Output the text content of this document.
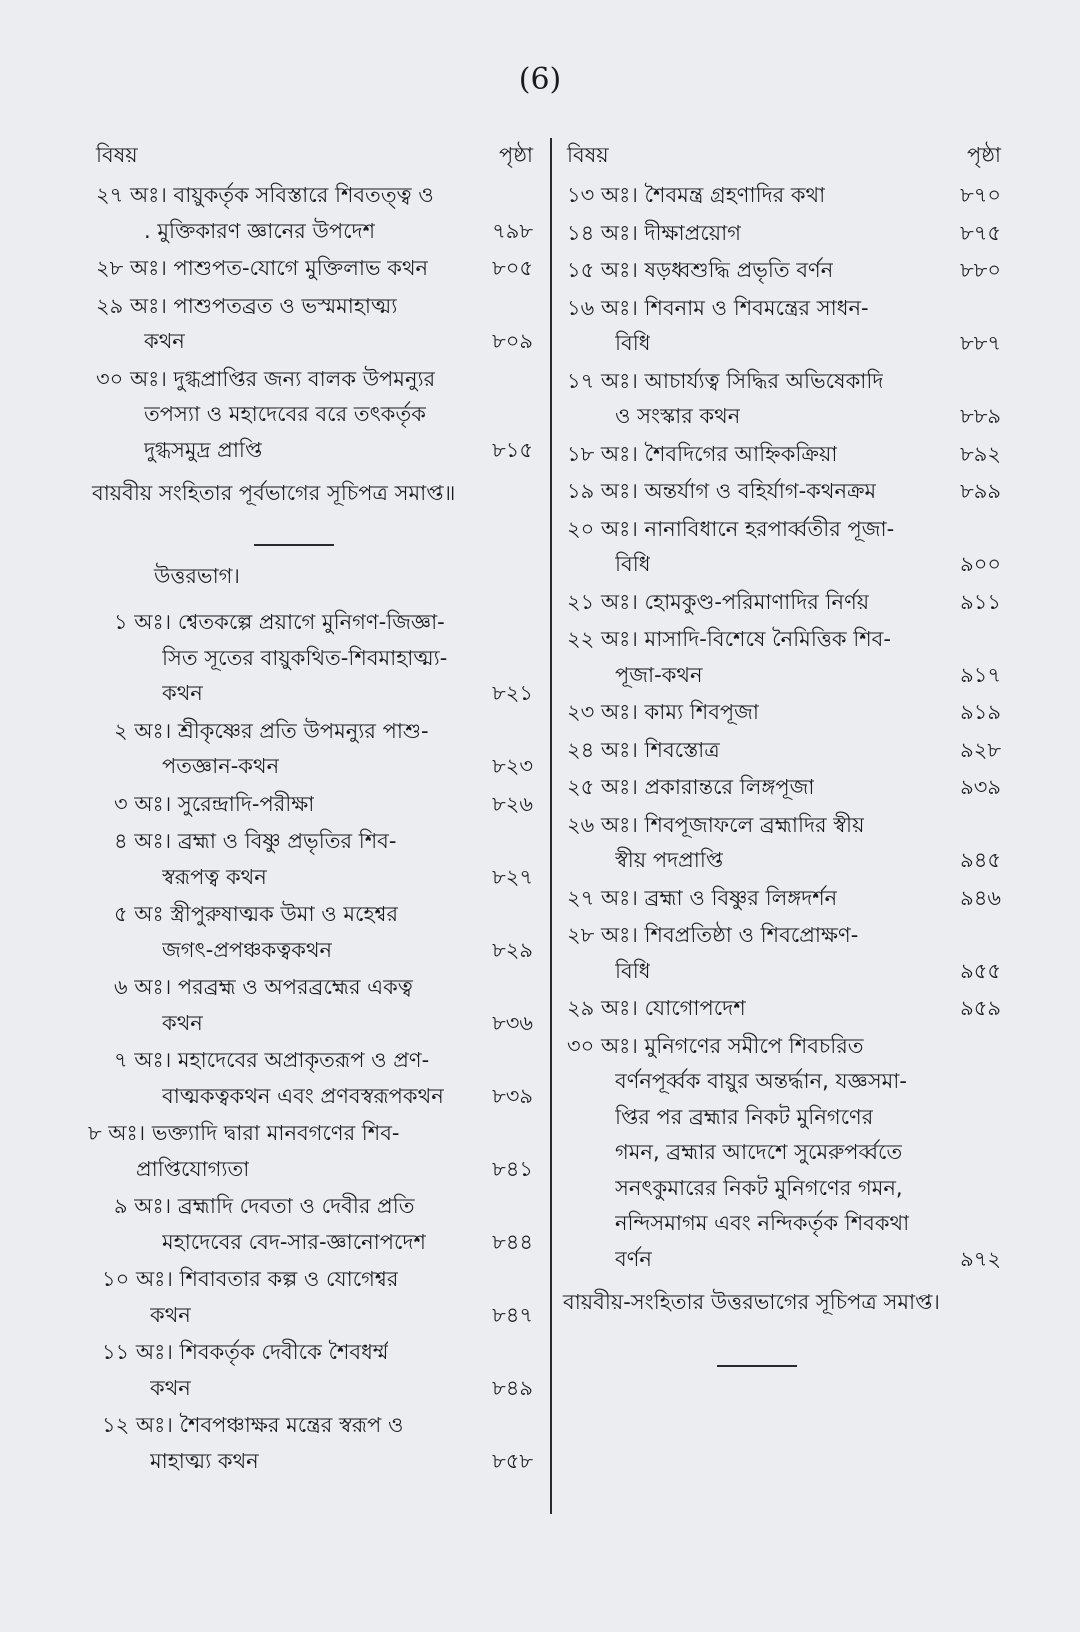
(6)
বিষয়	পৃষ্ঠা
২৭ অঃ। বায়ুকর্তৃক সবিস্তারে শিবতত্ত্ব ও
. মুক্তিকারণ জ্ঞানের উপদেশ	৭৯৮
২৮ অঃ। পাশুপত-যোগে মুক্তিলাভ কথন	৮০৫
২৯ অঃ। পাশুপতব্রত ও ভস্মমাহাত্ম্য
কথন	৮০৯
৩০ অঃ। দুগ্ধপ্রাপ্তির জন্য বালক উপমন্যুর
তপস্যা ও মহাদেবের বরে তৎকর্তৃক
দুগ্ধসমুদ্র প্রাপ্তি	৮১৫
বায়বীয় সংহিতার পূর্বভাগের সূচিপত্র সমাপ্ত॥
উত্তরভাগ।
১ অঃ। শ্বেতকল্পে প্রয়াগে মুনিগণ-জিজ্ঞা-
সিত সূতের বায়ুকথিত-শিবমাহাত্ম্য-
কথন	৮২১
২ অঃ। শ্রীকৃষ্ণের প্রতি উপমন্যুর পাশু-
পতজ্ঞান-কথন	৮২৩
৩ অঃ। সুরেন্দ্রাদি-পরীক্ষা	৮২৬
৪ অঃ। ব্রহ্মা ও বিষ্ণু প্রভৃতির শিব-
স্বরূপত্ব কথন	৮২৭
৫ অঃ স্ত্রীপুরুষাত্মক উমা ও মহেশ্বর
জগৎ-প্রপঞ্চকত্বকথন	৮২৯
৬ অঃ। পরব্রহ্ম ও অপরব্রহ্মের একত্ব
কথন	৮৩৬
৭ অঃ। মহাদেবের অপ্রাকৃতরূপ ও প্রণ-
বাত্মকত্বকথন এবং প্রণবস্বরূপকথন	৮৩৯
৮ অঃ। ভক্ত্যাদি দ্বারা মানবগণের শিব-
প্রাপ্তিযোগ্যতা	৮৪১
৯ অঃ। ব্রহ্মাদি দেবতা ও দেবীর প্রতি
মহাদেবের বেদ-সার-জ্ঞানোপদেশ	৮৪৪
১০ অঃ। শিবাবতার কল্প ও যোগেশ্বর
কথন	৮৪৭
১১ অঃ। শিবকর্তৃক দেবীকে শৈবধর্ম্ম
কথন	৮৪৯
১২ অঃ। শৈবপঞ্চাক্ষর মন্ত্রের স্বরূপ ও
মাহাত্ম্য কথন	৮৫৮
বিষয়	পৃষ্ঠা
১৩ অঃ। শৈবমন্ত্র গ্রহণাদির কথা	৮৭০
১৪ অঃ। দীক্ষাপ্রয়োগ	৮৭৫
১৫ অঃ। ষড়ধ্বশুদ্ধি প্রভৃতি বর্ণন	৮৮০
১৬ অঃ। শিবনাম ও শিবমন্ত্রের সাধন-
বিধি	৮৮৭
১৭ অঃ। আচার্য্যত্ব সিদ্ধির অভিষেকাদি
ও সংস্কার কথন	৮৮৯
১৮ অঃ। শৈবদিগের আহ্নিকক্রিয়া	৮৯২
১৯ অঃ। অন্তর্যাগ ও বহির্যাগ-কথনক্রম	৮৯৯
২০ অঃ। নানাবিধানে হরপার্ব্বতীর পূজা-
বিধি	৯০০
২১ অঃ। হোমকুণ্ড-পরিমাণাদির নির্ণয়	৯১১
২২ অঃ। মাসাদি-বিশেষে নৈমিত্তিক শিব-
পূজা-কথন	৯১৭
২৩ অঃ। কাম্য শিবপূজা	৯১৯
২৪ অঃ। শিবস্তোত্র	৯২৮
২৫ অঃ। প্রকারান্তরে লিঙ্গপূজা	৯৩৯
২৬ অঃ। শিবপূজাফলে ব্রহ্মাদির স্বীয়
স্বীয় পদপ্রাপ্তি	৯৪৫
২৭ অঃ। ব্রহ্মা ও বিষ্ণুর লিঙ্গদর্শন	৯৪৬
২৮ অঃ। শিবপ্রতিষ্ঠা ও শিবপ্রোক্ষণ-
বিধি	৯৫৫
২৯ অঃ। যোগোপদেশ	৯৫৯
৩০ অঃ। মুনিগণের সমীপে শিবচরিত
বর্ণনপূর্ব্বক বায়ুর অন্তর্দ্ধান, যজ্ঞসমা-
প্তির পর ব্রহ্মার নিকট মুনিগণের
গমন, ব্রহ্মার আদেশে সুমেরুপর্ব্বতে
সনৎকুমারের নিকট মুনিগণের গমন,
নন্দিসমাগম এবং নন্দিকর্তৃক শিবকথা
বর্ণন	৯৭২
বায়বীয়-সংহিতার উত্তরভাগের সূচিপত্র সমাপ্ত।
